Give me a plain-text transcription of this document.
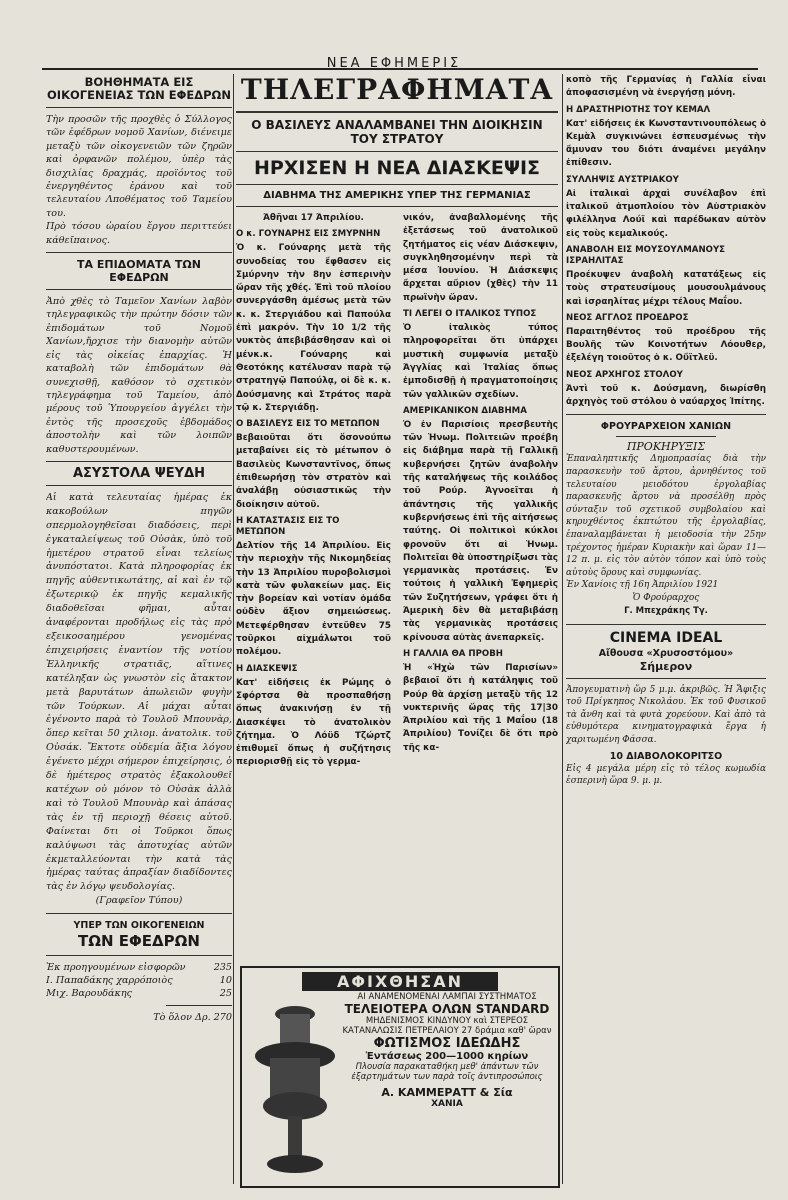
ΝΕΑ ΕΦΗΜΕΡΙΣ
ΒΟΗΘΗΜΑΤΑ ΕΙΣ ΟΙΚΟΓΕΝΕΙΑΣ ΤΩΝ ΕΦΕΔΡΩΝ

Τὴν προσῶν τῆς προχθὲς ὁ Σύλλογος τῶν ἐφέδρων νομοῦ Χανίων, διένειμε μεταξὺ τῶν οἰκογενειῶν τῶν ζηρῶν καὶ ὀρφανῶν πολέμου, ὑπὲρ τὰς δισχιλίας δραχμάς, προϊόντος τοῦ ἐνεργηθέντος ἐράνου καὶ τοῦ τελευταίου Λποθέματος τοῦ Ταμείου του.

Πρὸ τόσου ὡραίου ἔργου περιττεύει κάθεῖπαινος.

ΤΑ ΕΠΙΔΟΜΑΤΑ ΤΩΝ ΕΦΕΔΡΩΝ

Ἀπὸ χθὲς τὸ Ταμεῖον Χανίων λαβὸν τηλεγραφικῶς τὴν πρώτην δόσιν τῶν ἐπιδομάτων τοῦ Νομοῦ Χανίων,ἤρχισε τὴν διανομὴν αὐτῶν εἰς τὰς οἰκείας ἐπαρχίας. Ἡ καταβολὴ τῶν ἐπιδομάτων θὰ συνεχισθῇ, καθόσον τὸ σχετικὸν τηλεγράφημα τοῦ Ταμείου, ἀπὸ μέρους τοῦ Ὑπουργείου ἀγγέλει τὴν ἐντὸς τῆς προσεχοῦς ἑβδομάδος ἀποστολὴν καὶ τῶν λοιπῶν καθυστερουμένων.

ΑΣΥΣΤΟΛΑ ΨΕΥΔΗ

Αἱ κατὰ τελευταίας ἡμέρας ἐκ κακοβούλων πηγῶν σπερμολογηθεῖσαι διαδόσεις, περὶ ἐγκαταλείψεως τοῦ Οὐσὰκ, ὑπὸ τοῦ ἡμετέρου στρατοῦ εἶναι τελείως ἀνυπόστατοι. Κατὰ πληροφορίας ἐκ πηγῆς αὐθεντικωτάτης, αἱ καὶ ἐν τῷ ἐξωτερικῷ ἐκ πηγῆς κεμαλικῆς διαδοθεῖσαι φῆμαι, αὗται ἀναφέρονται προδήλως εἰς τὰς πρὸ εξεικοσαημέρου γενομένας ἐπιχειρήσεις ἐναντίον τῆς νοτίου Ἑλληνικῆς στρατιᾶς, αἵτινες κατέληξαν ὡς γνωστὸν εἰς ἄτακτον μετὰ βαρυτάτων ἀπωλειῶν φυγὴν τῶν Τούρκων. Αἱ μάχαι αὗται ἐγένοντο παρὰ τὸ Τουλοῦ Μπουνὰρ, ὅπερ κεῖται 50 χιλιομ. ἀνατολικ. τοῦ Οὐσάκ. Ἔκτοτε οὐδεμία ἄξια λόγου ἐγένετο μέχρι σήμερον ἐπιχείρησις, ὁ δὲ ἡμέτερος στρατὸς ἐξακολουθεῖ κατέχων οὐ μόνον τὸ Οὐσὰκ ἀλλὰ καὶ τὸ Τουλοῦ Μπουνὰρ καὶ ἁπάσας τὰς ἐν τῇ περιοχῇ θέσεις αὐτοῦ. Φαίνεται δτι οἱ Τοῦρκοι ὅπως καλύψωσι τὰς ἀποτυχίας αὐτῶν ἐκμεταλλεύονται τὴν κατὰ τὰς ἡμέρας ταύτας ἀπραξίαν διαδίδοντες τὰς ἐν λόγῳ ψευδολογίας.

(Γραφεῖον Τύπου)

ΥΠΕΡ ΤΩΝ ΟΙΚΟΓΕΝΕΙΩΝ
ΤΩΝ ΕΦΕΔΡΩΝ
Ἐκ προηγουμένων εἰσφορῶν	235
Ι. Παπαδάκης χαρρόποιὸς	10
Μιχ. Βαρουδάκης	25

Τὸ ὅλον Δρ. 270

ΤΗΛΕΓΡΑΦΗΜΑΤΑ
Ο ΒΑΣΙΛΕΥΣ ΑΝΑΛΑΜΒΑΝΕΙ ΤΗΝ ΔΙΟΙΚΗΣΙΝ ΤΟΥ ΣΤΡΑΤΟΥ
ΗΡΧΙΣΕΝ Η ΝΕΑ ΔΙΑΣΚΕΨΙΣ
ΔΙΑΒΗΜΑ ΤΗΣ ΑΜΕΡΙΚΗΣ ΥΠΕΡ ΤΗΣ ΓΕΡΜΑΝΙΑΣ

Ἀθῆναι 17 Ἀπριλίου.

Ο κ. ΓΟΥΝΑΡΗΣ ΕΙΣ ΣΜΥΡΝΗΝ

Ὁ κ. Γούναρης μετὰ τῆς συνοδείας του ἔφθασεν εἰς Σμύρνην τὴν 8ην ἑσπερινὴν ὥραν τῆς χθές. Ἐπὶ τοῦ πλοίου συνεργάσθη ἀμέσως μετὰ τῶν κ. κ. Στεργιάδου καὶ Παπούλα ἐπὶ μακρόν. Τὴν 10 1/2 τῆς νυκτὸς ἀπεβιβάσθησαν καὶ οἱ μένκ.κ. Γούναρης καὶ Θεοτόκης κατέλυσαν παρὰ τῷ στρατηγῷ Παπούλᾳ, οἱ δὲ κ. κ. Δούσμανης καὶ Στράτος παρὰ τῷ κ. Στεργιάδῃ.

Ο ΒΑΣΙΛΕΥΣ ΕΙΣ ΤΟ ΜΕΤΩΠΟΝ

Βεβαιοῦται ὅτι ὅσονούπω μεταβαίνει εἰς τὸ μέτωπον ὁ Βασιλεὺς Κωνσταντῖνος, ὅπως ἐπιθεωρήσῃ τὸν στρατὸν καὶ ἀναλάβῃ οὐσιαστικῶς τὴν διοίκησιν αὐτοῦ.

Η ΚΑΤΑΣΤΑΣΙΣ ΕΙΣ ΤΟ ΜΕΤΩΠΟΝ

Δελτίον τῆς 14 Ἀπριλίου. Εἰς τὴν περιοχὴν τῆς Νικομηδείας τὴν 13 Ἀπριλίου πυροβολισμοὶ κατὰ τῶν φυλακείων μας. Εἰς τὴν βορείαν καὶ νοτίαν ὁμάδα οὐδὲν ἄξιον σημειώσεως. Μετεφέρθησαν ἐντεῦθεν 75 τοῦρκοι αἰχμάλωτοι τοῦ πολέμου.

Η ΔΙΑΣΚΕΨΙΣ

Κατ' εἰδήσεις ἐκ Ρώμης ὁ Σφόρτσα θὰ προσπαθήσῃ ὅπως ἀνακινήσῃ ἐν τῇ Διασκέψει τὸ ἀνατολικὸν ζήτημα. Ὁ Λόϋδ Τζώρτζ ἐπιθυμεῖ ὅπως ἡ συζήτησις περιορισθῇ εἰς τὸ γερμα-

νικόν, ἀναβαλλομένης τῆς ἐξετάσεως τοῦ ἀνατολικοῦ ζητήματος εἰς νέαν Διάσκεψιν, συγκληθησομένην περὶ τὰ μέσα Ἰουνίου. Ἡ Διάσκεψις ἄρχεται αὔριον (χθὲς) τὴν 11 πρωϊνὴν ὥραν.

ΤΙ ΛΕΓΕΙ Ο ΙΤΑΛΙΚΟΣ ΤΥΠΟΣ

Ὁ ἰταλικὸς τύπος πληροφορεῖται ὅτι ὑπάρχει μυστικὴ συμφωνία μεταξὺ Ἀγγλίας καὶ Ἰταλίας ὅπως ἐμποδισθῇ ἡ πραγματοποίησις τῶν γαλλικῶν σχεδίων.

ΑΜΕΡΙΚΑΝΙΚΟΝ ΔΙΑΒΗΜΑ

Ὁ ἐν Παρισίοις πρεσβευτὴς τῶν Ἡνωμ. Πολιτειῶν προέβη εἰς διάβημα παρὰ τῇ Γαλλικῇ κυβερνήσει ζητῶν ἀναβολὴν τῆς καταλήψεως τῆς κοιλάδος τοῦ Ρούρ. Ἀγνοεῖται ἡ ἀπάντησις τῆς γαλλικῆς κυβερνήσεως ἐπὶ τῆς αἰτήσεως ταύτης. Οἱ πολιτικοὶ κύκλοι φρονοῦν ὅτι αἱ Ἡνωμ. Πολιτεῖαι θὰ ὑποστηρίξωσι τὰς γερμανικὰς προτάσεις. Ἐν τούτοις ἡ γαλλικὴ Ἐφημερὶς τῶν Συζητήσεων, γράφει ὅτι ἡ Ἀμερικὴ δὲν θὰ μεταβιβάσῃ τὰς γερμανικὰς προτάσεις κρίνουσα αὐτὰς ἀνεπαρκεῖς.

Η ΓΑΛΛΙΑ ΘΑ ΠΡΟΒΗ

Ἡ «Ἠχὼ τῶν Παρισίων» βεβαιοῖ ὅτι ἡ κατάληψις τοῦ Ρούρ θὰ ἀρχίσῃ μεταξὺ τῆς 12 νυκτερινῆς ὥρας τῆς 17|30 Ἀπριλίου καὶ τῆς 1 Μαΐου (18 Ἀπριλίου) Τονίζει δὲ ὅτι πρὸ τῆς κα-

ΑΦΙΧΘΗΣΑΝ
ΑΙ ΑΝΑΜΕΝΟΜΕΝΑΙ ΛΑΜΠΑΙ ΣΥΣΤΗΜΑΤΟΣ
ΤΕΛΕΙΟΤΕΡΑ ΟΛΩΝ STANDARD
ΜΗΔΕΝΙΣΜΟΣ ΚΙΝΔΥΝΟΥ καὶ ΣΤΕΡΕΟΣ
ΚΑΤΑΝΑΛΩΣΙΣ ΠΕΤΡΕΛΑΙΟΥ 27 δράμια καθ' ὥραν
ΦΩΤΙΣΜΟΣ ΙΔΕΩΔΗΣ
Ἐντάσεως 200—1000 κηρίων
Πλουσία παρακαταθήκη μεθ' ἁπάντων τῶν ἐξαρτημάτων των παρὰ τοῖς ἀντιπροσώποις
Α. ΚΑΜΜΕΡΑΤΤ & Σία
ΧΑΝΙΑ

κοπὸ τῆς Γερμανίας ἡ Γαλλία εἶναι ἀποφασισμένη νὰ ἐνεργήσῃ μόνη.

Η ΔΡΑΣΤΗΡΙΟΤΗΣ ΤΟΥ ΚΕΜΑΛ

Κατ' εἰδήσεις ἐκ Κωνσταντινουπόλεως ὁ Κεμὰλ συγκινώνει ἐσπευσμένως τὴν ἄμυναν του διότι ἀναμένει μεγάλην ἐπίθεσιν.

ΣΥΛΛΗΨΙΣ ΑΥΣΤΡΙΑΚΟΥ

Αἱ ἰταλικαὶ ἀρχαὶ συνέλαβον ἐπὶ ἰταλικοῦ ἀτμοπλοίου τὸν Αὐστριακὸν φιλέλληνα Λούϊ καὶ παρέδωκαν αὐτὸν εἰς τοὺς κεμαλικούς.

ΑΝΑΒΟΛΗ ΕΙΣ ΜΟΥΣΟΥΛΜΑΝΟΥΣ ΙΣΡΑΗΛΙΤΑΣ

Προέκυψεν ἀναβολὴ κατατάξεως εἰς τοὺς στρατευσίμους μουσουλμάνους καὶ ἰσραηλίτας μέχρι τέλους Μαΐου.

ΝΕΟΣ ΑΓΓΛΟΣ ΠΡΟΕΔΡΟΣ

Παραιτηθέντος τοῦ προέδρου τῆς Βουλῆς τῶν Κοινοτήτων Λόουθερ, ἐξελέγη τοιοῦτος ὁ κ. Οὔϊτλεϋ.

ΝΕΟΣ ΑΡΧΗΓΟΣ ΣΤΟΛΟΥ

Ἀντὶ τοῦ κ. Δούσμανη, διωρίσθη ἀρχηγὸς τοῦ στόλου ὁ ναύαρχος Ἰπίτης.

ΦΡΟΥΡΑΡΧΕΙΟΝ ΧΑΝΙΩΝ
ΠΡΟΚΗΡΥΞΙΣ

Ἐπαναληπτικῆς Δημοπρασίας διὰ τὴν παρασκευὴν τοῦ ἄρτου, ἀρνηθέντος τοῦ τελευταίου μειοδότου ἐργολαβίας παρασκευῆς ἄρτου νὰ προσέλθῃ πρὸς σύνταξιν τοῦ σχετικοῦ συμβολαίου καὶ κηρυχθέντος ἐκπτώτου τῆς ἐργολαβίας, ἐπαναλαμβάνεται ἡ μειοδοσία τὴν 25ην τρέχοντος ἡμέραν Κυριακὴν καὶ ὥραν 11—12 π. μ. εἰς τὸν αὐτὸν τόπον καὶ ὑπὸ τοὺς αὐτοὺς ὅρους καὶ συμφωνίας.

Ἐν Χανίοις τῇ 16η Ἀπριλίου 1921

Ὁ Φρούραρχος

Γ. Μπεχράκης Τγ.

CINEMA IDEAL
Αἴθουσα «Χρυσοστόμου»
Σήμερον

Ἀπογευματινὴ ὥρ 5 μ.μ. ἀκριβῶς. Ἡ Ἄφιξις τοῦ Πρίγκηπος Νικολάου. Ἐκ τοῦ Φυσικοῦ τὰ ἄνθη καὶ τὰ φυτὰ χορεύουν. Καὶ ἀπὸ τὰ εὐθυμότερα κινηματογραφικὰ ἔργα ἡ χαριτωμένη Φάσσα.

10 ΔΙΑΒΟΛΟΚΟΡΙΤΣΟ

Εἰς 4 μεγάλα μέρη εἰς τὸ τέλος κωμωδία ἑσπερινὴ ὥρα 9. μ. μ.
